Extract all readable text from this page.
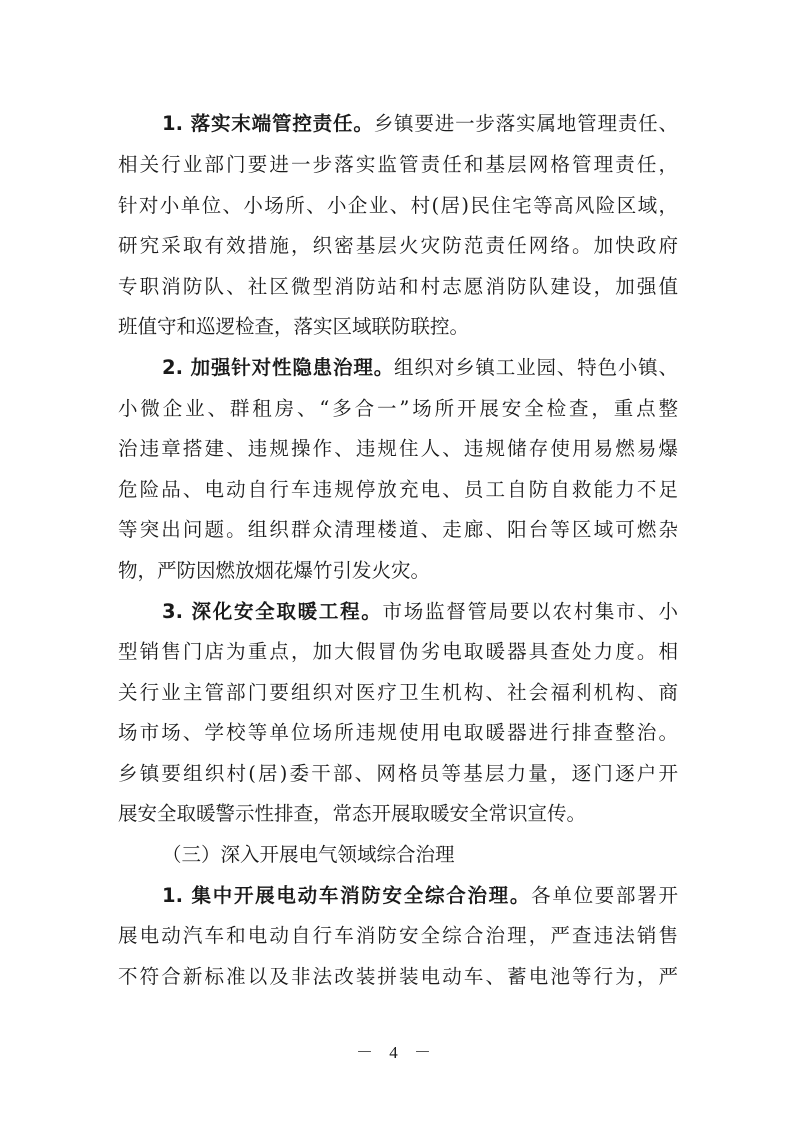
1. 落实末端管控责任。乡镇要进一步落实属地管理责任、
相关行业部门要进一步落实监管责任和基层网格管理责任，
针对小单位、小场所、小企业、村(居)民住宅等高风险区域，
研究采取有效措施，织密基层火灾防范责任网络。加快政府
专职消防队、社区微型消防站和村志愿消防队建设，加强值
班值守和巡逻检查，落实区域联防联控。
2. 加强针对性隐患治理。组织对乡镇工业园、特色小镇、
小微企业、群租房、“多合一”场所开展安全检查，重点整
治违章搭建、违规操作、违规住人、违规储存使用易燃易爆
危险品、电动自行车违规停放充电、员工自防自救能力不足
等突出问题。组织群众清理楼道、走廊、阳台等区域可燃杂
物，严防因燃放烟花爆竹引发火灾。
3. 深化安全取暖工程。市场监督管局要以农村集市、小
型销售门店为重点，加大假冒伪劣电取暖器具查处力度。相
关行业主管部门要组织对医疗卫生机构、社会福利机构、商
场市场、学校等单位场所违规使用电取暖器进行排查整治。
乡镇要组织村(居)委干部、网格员等基层力量，逐门逐户开
展安全取暖警示性排查，常态开展取暖安全常识宣传。
（三）深入开展电气领域综合治理
1. 集中开展电动车消防安全综合治理。各单位要部署开
展电动汽车和电动自行车消防安全综合治理，严查违法销售
不符合新标准以及非法改装拼装电动车、蓄电池等行为，严
－ 4 －
